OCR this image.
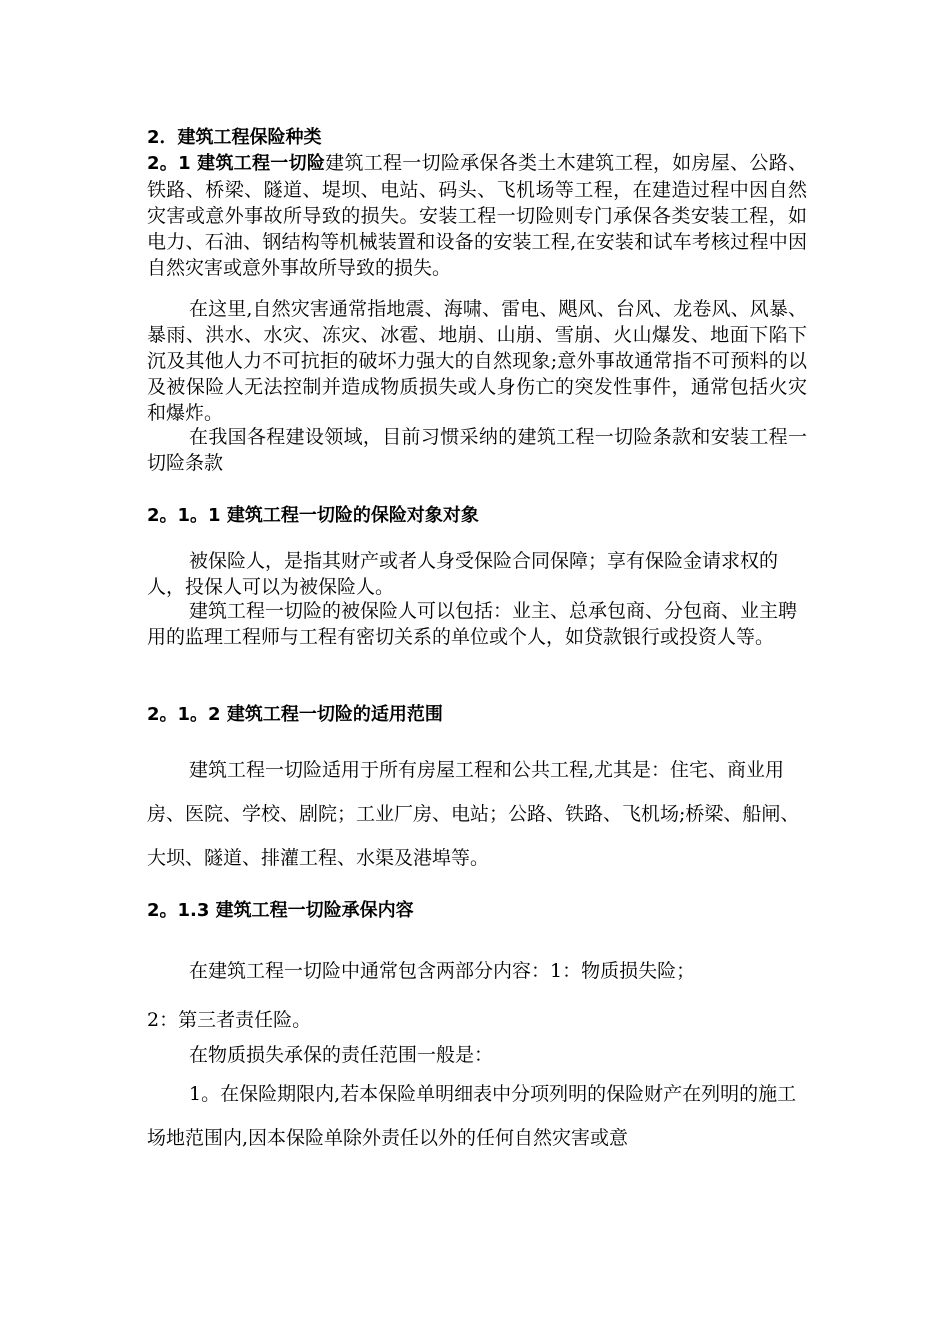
2．建筑工程保险种类
2。1 建筑工程一切险建筑工程一切险承保各类土木建筑工程，如房屋、公路、铁路、桥梁、隧道、堤坝、电站、码头、飞机场等工程，在建造过程中因自然灾害或意外事故所导致的损失。安装工程一切险则专门承保各类安装工程，如电力、石油、钢结构等机械装置和设备的安装工程,在安装和试车考核过程中因自然灾害或意外事故所导致的损失。
在这里,自然灾害通常指地震、海啸、雷电、飓风、台风、龙卷风、风暴、暴雨、洪水、水灾、冻灾、冰雹、地崩、山崩、雪崩、火山爆发、地面下陷下沉及其他人力不可抗拒的破坏力强大的自然现象;意外事故通常指不可预料的以及被保险人无法控制并造成物质损失或人身伤亡的突发性事件，通常包括火灾和爆炸。
在我国各程建设领域，目前习惯采纳的建筑工程一切险条款和安装工程一切险条款
2。1。1 建筑工程一切险的保险对象对象
被保险人，是指其财产或者人身受保险合同保障；享有保险金请求权的人，投保人可以为被保险人。
建筑工程一切险的被保险人可以包括：业主、总承包商、分包商、业主聘用的监理工程师与工程有密切关系的单位或个人，如贷款银行或投资人等。
2。1。2 建筑工程一切险的适用范围
建筑工程一切险适用于所有房屋工程和公共工程,尤其是：住宅、商业用房、医院、学校、剧院；工业厂房、电站；公路、铁路、飞机场;桥梁、船闸、大坝、隧道、排灌工程、水渠及港埠等。
2。1.3 建筑工程一切险承保内容
在建筑工程一切险中通常包含两部分内容：1：物质损失险；
2：第三者责任险。
在物质损失承保的责任范围一般是：
1。在保险期限内,若本保险单明细表中分项列明的保险财产在列明的施工场地范围内,因本保险单除外责任以外的任何自然灾害或意
